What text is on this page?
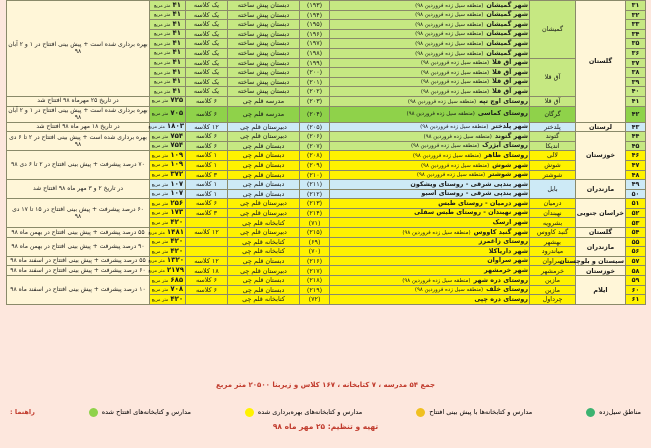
۳۱	گلستان	گمیشان	شهر گمیشان(منطقه سیل زده فروردین ۹۸)	(۱۹۳)	دبستان پیش ساخته	یک کلاسه	۴۱متر مربع	بهره برداری شده است + پیش بینی افتتاح در ۱ و ۲ آبان ۹۸
۳۲			شهر گمیشان(منطقه سیل زده فروردین ۹۸)	(۱۹۴)	دبستان پیش ساخته	یک کلاسه	۴۱متر مربع	
۳۳			شهر گمیشان(منطقه سیل زده فروردین ۹۸)	(۱۹۵)	دبستان پیش ساخته	یک کلاسه	۴۱متر مربع	
۳۴			شهر گمیشان(منطقه سیل زده فروردین ۹۸)	(۱۹۶)	دبستان پیش ساخته	یک کلاسه	۴۱متر مربع	
۳۵			شهر گمیشان(منطقه سیل زده فروردین ۹۸)	(۱۹۷)	دبستان پیش ساخته	یک کلاسه	۴۱متر مربع	
۳۶			شهر گمیشان(منطقه سیل زده فروردین ۹۸)	(۱۹۸)	دبستان پیش ساخته	یک کلاسه	۴۱متر مربع	
۳۷		آق قلا	شهر آق قلا(منطقه سیل زده فروردین ۹۸)	(۱۹۹)	دبستان پیش ساخته	یک کلاسه	۴۱متر مربع	
۳۸			شهر آق قلا(منطقه سیل زده فروردین ۹۸)	(۲۰۰)	دبستان پیش ساخته	یک کلاسه	۴۱متر مربع	
۳۹			شهر آق قلا(منطقه سیل زده فروردین ۹۸)	(۲۰۱)	دبستان پیش ساخته	یک کلاسه	۴۱متر مربع	
۴۰			شهر آق قلا(منطقه سیل زده فروردین ۹۸)	(۲۰۲)	دبستان پیش ساخته	یک کلاسه	۴۱متر مربع	
۴۱		آق قلا	روستای اوچ تپه(منطقه سیل زده فروردین ۹۸)	(۲۰۳)	مدرسه قلم چی	۶ کلاسه	۷۲۵متر مربع	در تاریخ ۲۵ مهرماه ۹۸ افتتاح شد
۴۲		گرگان	روستای کماسی(منطقه سیل زده فروردین ۹۸)	(۲۰۴)	مدرسه قلم چی	۶ کلاسه	۷۰۵متر مربع	بهره برداری شده است + پیش بینی افتتاح در ۱ و ۲ آبان ۹۸
۴۳	لرستان	پلدختر	شهر پلدختر(منطقه سیل زده فروردین ۹۸)	(۲۰۵)	دبیرستان قلم چی	۱۲ کلاسه	۱۸۰۳متر مربع	در تاریخ ۱۸ مهر ماه ۹۸ افتتاح شد
۴۴	خوزستان	گتوند	شهر گتوند(منطقه سیل زده فروردین ۹۸)	(۲۰۶)	دبیرستان قلم چی	۶ کلاسه	۷۵۴متر مربع	بهره برداری شده است + پیش بینی افتتاح در ۲ تا ۶ دی ۹۸
۴۵		اندیکا	روستای آبژرک(منطقه سیل زده فروردین ۹۸)	(۲۰۷)	دبستان قلم چی	۶ کلاسه	۷۵۴متر مربع	
۴۶		لالی	روستای طاهر(منطقه سیل زده فروردین ۹۸)	(۲۰۸)	دبستان قلم چی	۱ کلاسه	۱۰۹متر مربع	۷۰ درصد پیشرفت + پیش بینی افتتاح در ۲ تا ۶ دی ۹۸
۴۷		شوش	شهر شوش(منطقه سیل زده فروردین ۹۸)	(۲۰۹)	دبستان قلم چی	۱ کلاسه	۱۰۹متر مربع	
۴۸		شوشتر	شهر شوشتر(منطقه سیل زده فروردین ۹۸)	(۲۱۰)	دبستان قلم چی	۳ کلاسه	۳۷۲متر مربع	
۴۹	مازندران	بابل	شهر بندپی شرقی - روستای ویشکون	(۲۱۱)	دبستان قلم چی	۱ کلاسه	۱۰۷متر مربع	در تاریخ ۲ و ۳ مهر ماه ۹۸ افتتاح شد
۵۰			شهر بندپی شرقی - روستای اسبو	(۲۱۲)	دبستان قلم چی	۱ کلاسه	۱۰۷متر مربع	
۵۱	خراسان جنوبی	درمیان	شهر درمیان - روستای طبس	(۲۱۳)	دبیرستان قلم چی	۶ کلاسه	۲۵۶متر مربع	۶۰ درصد پیشرفت + پیش بینی افتتاح در ۱۵ تا ۱۷ دی ۹۸
۵۲		نهبندان	شهر نهبندان - روستای طبس سفلی	(۲۱۴)	دبیرستان قلم چی	۳ کلاسه	۱۷۳متر مربع	
۵۳		بشرویه	شهر ارسک	(۷۱)	کتابخانه قلم چی		۴۲۰متر مربع	
۵۴	گلستان	گنبد کاووس	شهر گنبد کاووس(منطقه سیل زده فروردین ۹۸)	(۲۱۵)	دبیرستان قلم چی	۱۲ کلاسه	۱۴۸۱متر مربع	۵۵ درصد پیشرفت + پیش بینی افتتاح در بهمن ماه ۹۸
۵۵	مازندران	بهشهر	روستای زاغمرز	(۶۹)	کتابخانه قلم چی		۴۲۰متر مربع	۹۰ درصد پیشرفت + پیش بینی افتتاح در بهمن ماه ۹۸
۵۶		میاندرود	شهر داریاکلا	(۷۰)	کتابخانه قلم چی		۴۲۰متر مربع	
۵۷	سیستان و بلوچستان	سراوان	شهر سراوان	(۲۱۶)	دبستان قلم چی	۱۲ کلاسه	۱۳۲۰متر مربع	۵۵ درصد پیشرفت + پیش بینی افتتاح در اسفند ماه ۹۸
۵۸	خوزستان	خرمشهر	شهر خرمشهر	(۲۱۷)	دبیرستان قلم چی	۱۸ کلاسه	۲۱۷۹متر مربع	۶۰ درصد پیشرفت + پیش بینی افتتاح در اسفند ماه ۹۸
۵۹	ایلام	مازین	روستای دره شهر(منطقه سیل زده فروردین ۹۸)	(۲۱۸)	دبستان قلم چی	۶ کلاسه	۶۸۵متر مربع	۱۰ درصد پیشرفت + پیش بینی افتتاح در اسفند ماه ۹۸
۶۰		مازین	روستای خلف(منطقه سیل زده فروردین ۹۸)	(۲۱۹)	دبستان قلم چی	۶ کلاسه	۷۰۸متر مربع	
۶۱		چرداول	روستای دره چپی	(۷۲)	کتابخانه قلم چی		۴۲۰متر مربع	
جمع ۵۴ مدرسه ، ۷ کتابخانه ، ۱۶۷ کلاس و زیربنا ۲۰۵۰۰ متر مربع
راهنما :	مدارس و کتابخانه‌های افتتاح شده	مدارس و کتابخانه‌های بهره‌برداری شده	مدارس و کتابخانه‌ها با پیش بینی افتتاح	مناطق سیل‌زده
تهیه و تنظیم: ۲۵ مهر ماه ۹۸
